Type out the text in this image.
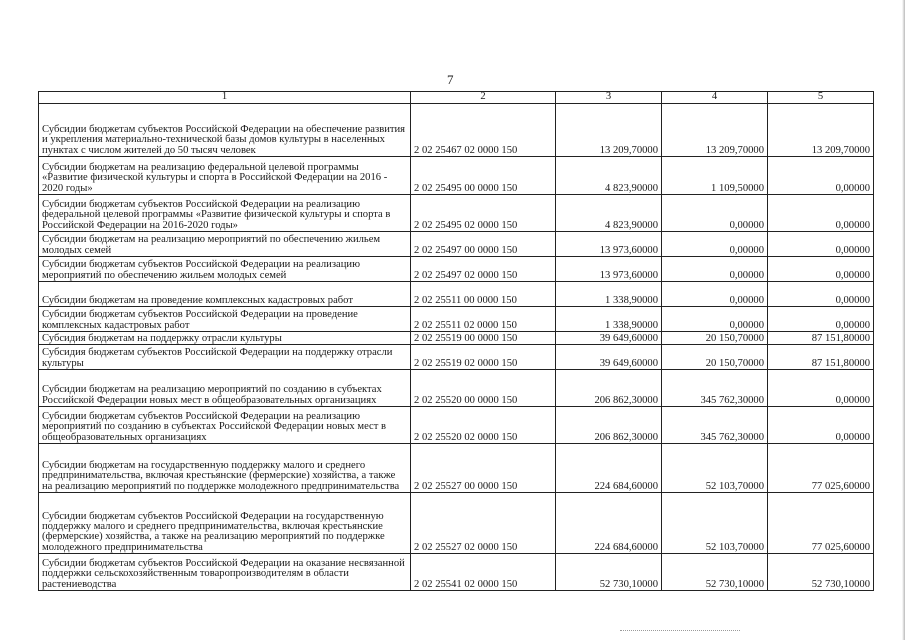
7
1	2	3	4	5
Субсидии бюджетам субъектов Российской Федерации на обеспечение развития и укрепления материально-технической базы домов культуры в населенных пунктах с числом жителей до 50 тысяч человек	2 02 25467 02 0000 150	13 209,70000	13 209,70000	13 209,70000
Субсидии бюджетам на реализацию федеральной целевой программы «Развитие физической культуры и спорта в Российской Федерации на 2016 - 2020 годы»	2 02 25495 00 0000 150	4 823,90000	1 109,50000	0,00000
Субсидии бюджетам субъектов Российской Федерации на реализацию федеральной целевой программы «Развитие физической культуры и спорта в Российской Федерации на 2016-2020 годы»	2 02 25495 02 0000 150	4 823,90000	0,00000	0,00000
Субсидии бюджетам на реализацию мероприятий по обеспечению жильем молодых семей	2 02 25497 00 0000 150	13 973,60000	0,00000	0,00000
Субсидии бюджетам субъектов Российской Федерации на реализацию мероприятий по обеспечению жильем молодых семей	2 02 25497 02 0000 150	13 973,60000	0,00000	0,00000
Субсидии бюджетам на проведение комплексных кадастровых работ	2 02 25511 00 0000 150	1 338,90000	0,00000	0,00000
Субсидии бюджетам субъектов Российской Федерации на проведение комплексных кадастровых работ	2 02 25511 02 0000 150	1 338,90000	0,00000	0,00000
Субсидия бюджетам на поддержку отрасли культуры	2 02 25519 00 0000 150	39 649,60000	20 150,70000	87 151,80000
Субсидия бюджетам субъектов Российской Федерации на поддержку отрасли культуры	2 02 25519 02 0000 150	39 649,60000	20 150,70000	87 151,80000
Субсидии бюджетам на реализацию мероприятий по созданию в субъектах Российской Федерации новых мест в общеобразовательных организациях	2 02 25520 00 0000 150	206 862,30000	345 762,30000	0,00000
Субсидии бюджетам субъектов Российской Федерации на реализацию мероприятий по созданию в субъектах Российской Федерации новых мест в общеобразовательных организациях	2 02 25520 02 0000 150	206 862,30000	345 762,30000	0,00000
Субсидии бюджетам на государственную поддержку малого и среднего предпринимательства, включая крестьянские (фермерские) хозяйства, а также на реализацию мероприятий по поддержке молодежного предпринимательства	2 02 25527 00 0000 150	224 684,60000	52 103,70000	77 025,60000
Субсидии бюджетам субъектов Российской Федерации на государственную поддержку малого и среднего предпринимательства, включая крестьянские (фермерские) хозяйства, а также на реализацию мероприятий по поддержке молодежного предпринимательства	2 02 25527 02 0000 150	224 684,60000	52 103,70000	77 025,60000
Субсидии бюджетам субъектов Российской Федерации на оказание несвязанной поддержки сельскохозяйственным товаропроизводителям в области растениеводства	2 02 25541 02 0000 150	52 730,10000	52 730,10000	52 730,10000
